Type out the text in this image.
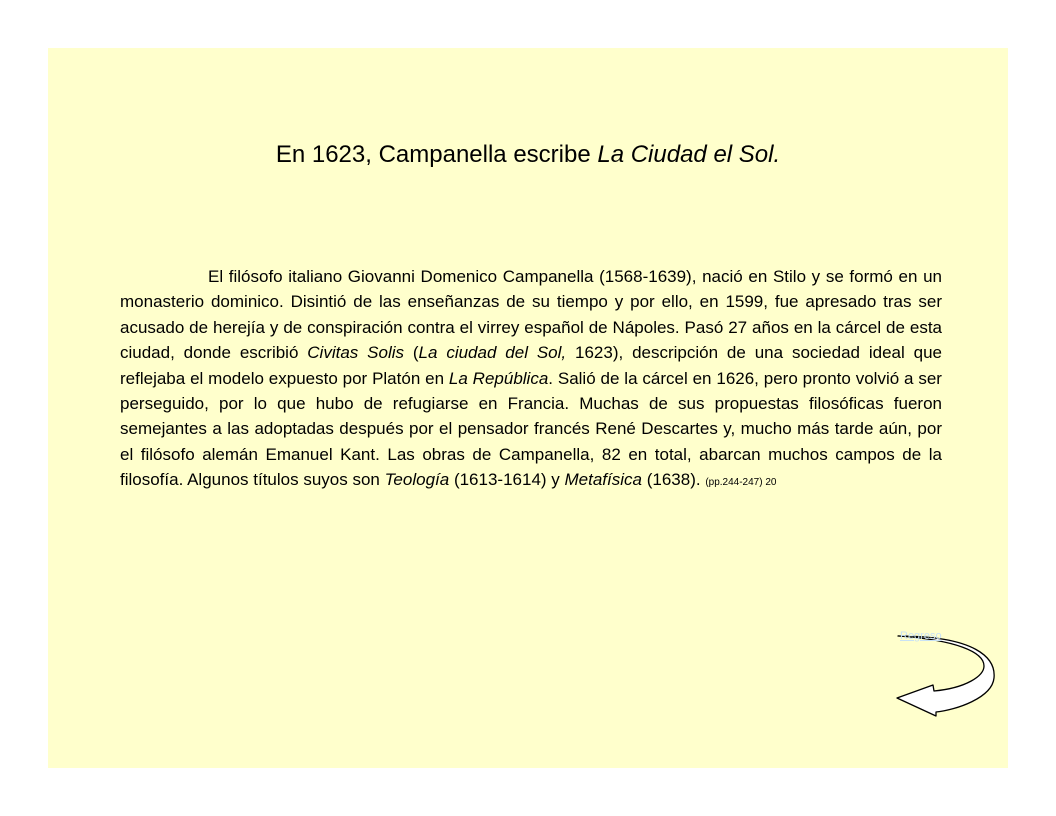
En 1623, Campanella escribe La Ciudad el Sol.
El filósofo italiano Giovanni Domenico Campanella (1568-1639), nació en Stilo y se formó en un monasterio dominico. Disintió de las enseñanzas de su tiempo y por ello, en 1599, fue apresado tras ser acusado de herejía y de conspiración contra el virrey español de Nápoles. Pasó 27 años en la cárcel de esta ciudad, donde escribió Civitas Solis (La ciudad del Sol, 1623), descripción de una sociedad ideal que reflejaba el modelo expuesto por Platón en La República. Salió de la cárcel en 1626, pero pronto volvió a ser perseguido, por lo que hubo de refugiarse en Francia. Muchas de sus propuestas filosóficas fueron semejantes a las adoptadas después por el pensador francés René Descartes y, mucho más tarde aún, por el filósofo alemán Emanuel Kant. Las obras de Campanella, 82 en total, abarcan muchos campos de la filosofía. Algunos títulos suyos son Teología (1613-1614) y Metafísica (1638). (pp.244-247) 20
Regreso
